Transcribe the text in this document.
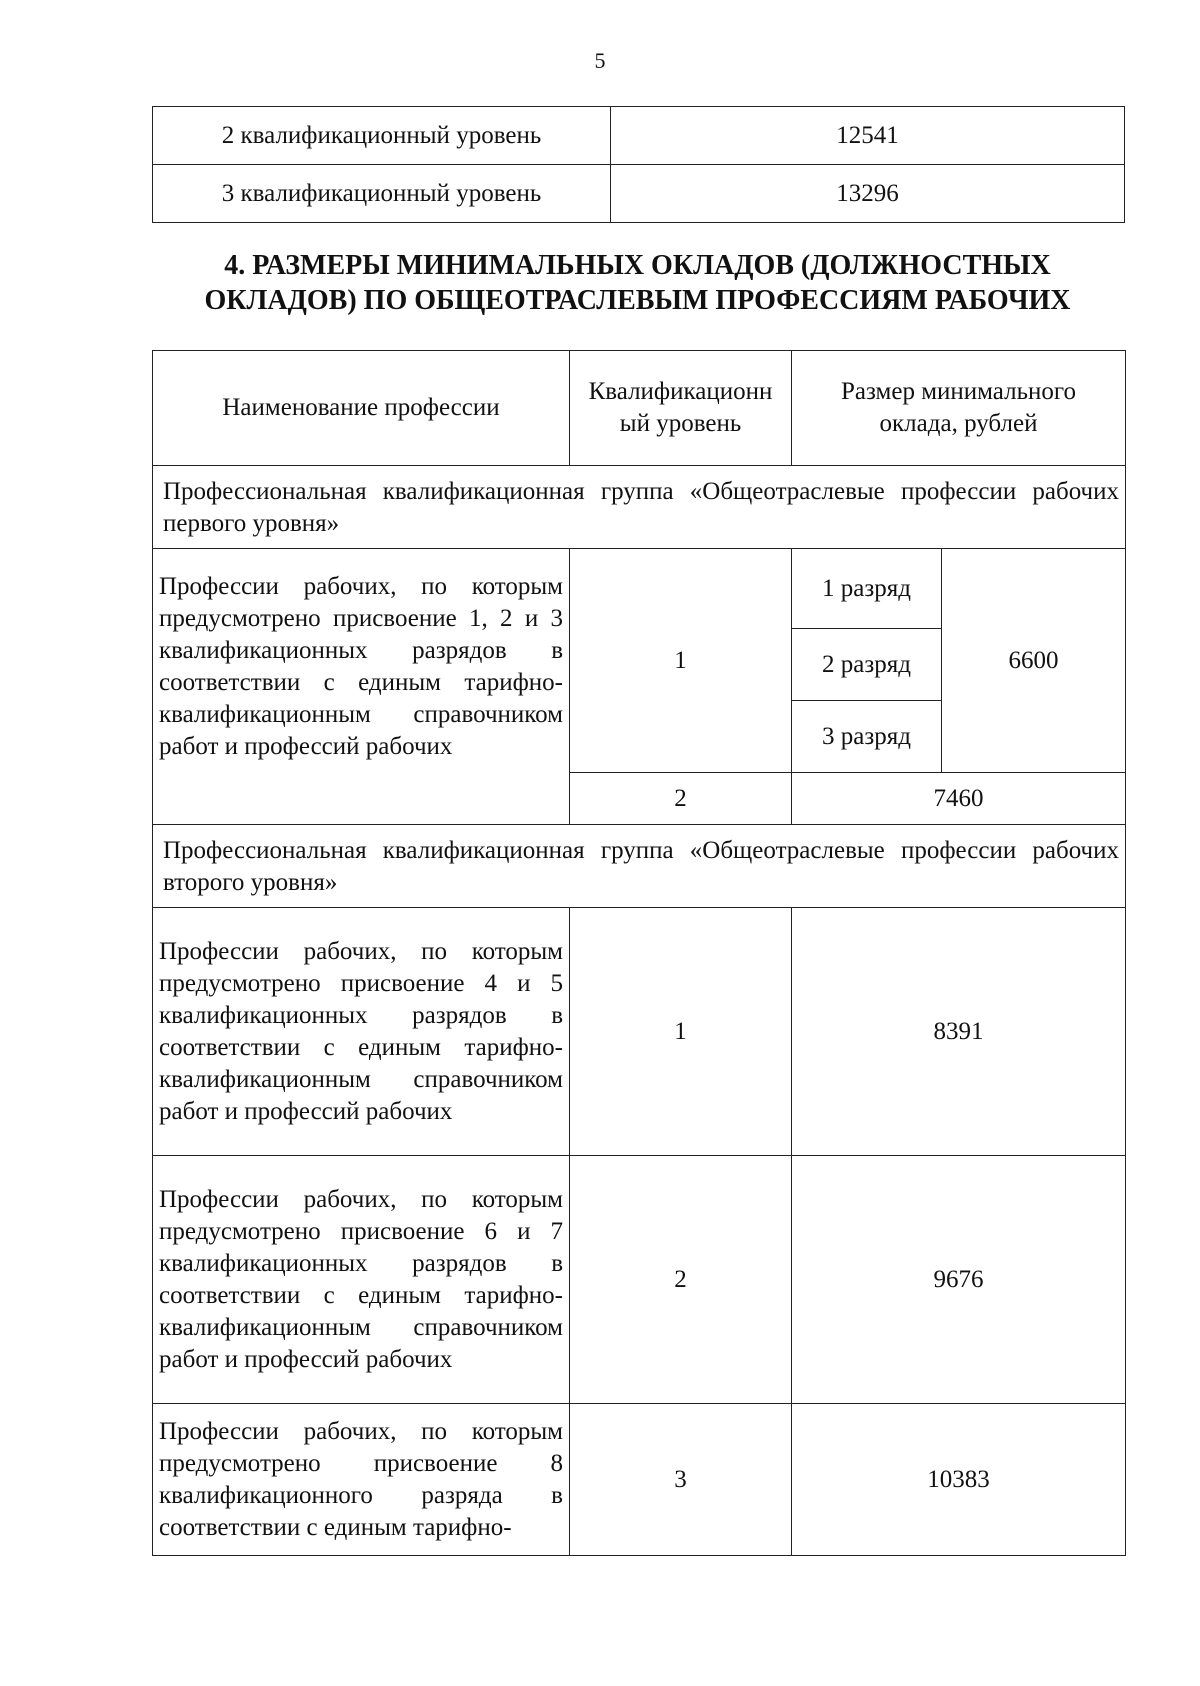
5
2 квалификационный уровень	12541
3 квалификационный уровень	13296
4. РАЗМЕРЫ МИНИМАЛЬНЫХ ОКЛАДОВ (ДОЛЖНОСТНЫХ
ОКЛАДОВ) ПО ОБЩЕОТРАСЛЕВЫМ ПРОФЕССИЯМ РАБОЧИХ
Наименование профессии	Квалификационн ый уровень	Размер минимального оклада, рублей	
Профессиональная квалификационная группа «Общеотраслевые профессии рабочих первого уровня»			
Профессии рабочих, по которым предусмотрено присвоение 1, 2 и 3 квалификационных разрядов в соответствии с единым тарифно-квалификационным справочником работ и профессий рабочих	1	1 разряд	6600
		2 разряд	
		3 разряд	
	2	7460	
Профессиональная квалификационная группа «Общеотраслевые профессии рабочих второго уровня»			
Профессии рабочих, по которым предусмотрено присвоение 4 и 5 квалификационных разрядов в соответствии с единым тарифно-квалификационным справочником работ и профессий рабочих	1	8391	
Профессии рабочих, по которым предусмотрено присвоение 6 и 7 квалификационных разрядов в соответствии с единым тарифно-квалификационным справочником работ и профессий рабочих	2	9676	
Профессии рабочих, по которым предусмотрено присвоение 8 квалификационного разряда в соответствии с единым тарифно-	3	10383	
